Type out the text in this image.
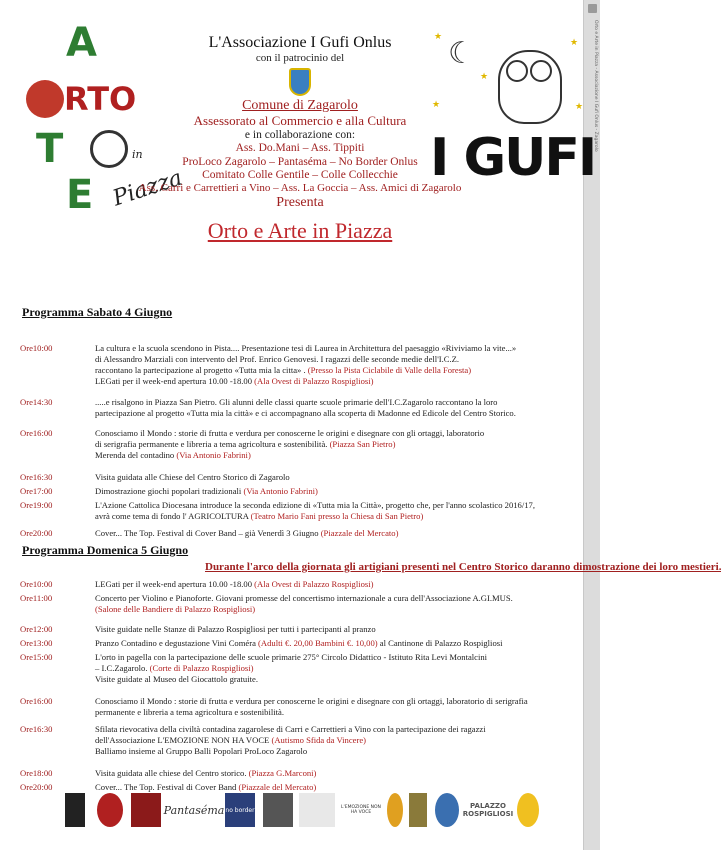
Orto e Arte in Piazza - Associazione I Gufi Onlus - Zagarolo
A
RTO
T	in
E Piazza
L'Associazione I Gufi Onlus
con il patrocinio del
Comune di Zagarolo
Assessorato al Commercio e alla Cultura
e in collaborazione con:
Ass. Do.Mani – Ass. Tippiti
ProLoco Zagarolo – Pantaséma – No Border Onlus
Comitato Colle Gentile – Colle Collecchie
Ass. Carri e Carrettieri a Vino – Ass. La Goccia – Ass. Amici di Zagarolo
Presenta
Orto e Arte in Piazza
☾
★
★
★
★
★
I GUFI
Programma Sabato 4 Giugno
Ore10:00	La cultura e la scuola scendono in Pista.... Presentazione tesi di Laurea in Architettura del paesaggio «Riviviamo la vite...»
di Alessandro Marziali con intervento del Prof. Enrico Genovesi. I ragazzi delle seconde medie dell'I.C.Z.
raccontano la partecipazione al progetto «Tutta mia la citta» . (Presso la Pista Ciclabile di Valle della Foresta)
LEGati per il week-end apertura 10.00 -18.00 (Ala Ovest di Palazzo Rospigliosi)
Ore14:30	.....e risalgono in Piazza San Pietro. Gli alunni delle classi quarte scuole primarie dell'I.C.Zagarolo raccontano la loro
partecipazione al progetto «Tutta mia la città» e ci accompagnano alla scoperta di Madonne ed Edicole del Centro Storico.
Ore16:00	Conosciamo il Mondo : storie di frutta e verdura per conoscerne le origini e disegnare con gli ortaggi, laboratorio
di serigrafia permanente e libreria a tema agricoltura e sostenibilità. (Piazza San Pietro)
Merenda del contadino (Via Antonio Fabrini)
Ore16:30	Visita guidata alle Chiese del Centro Storico di Zagarolo
Ore17:00	Dimostrazione giochi popolari tradizionali (Via Antonio Fabrini)
Ore19:00	L'Azione Cattolica Diocesana introduce la seconda edizione di «Tutta mia la Città», progetto che, per l'anno scolastico 2016/17,
avrà come tema di fondo l' AGRICOLTURA (Teatro Mario Fani presso la Chiesa di San Pietro)
Ore20:00	Cover... The Top. Festival di Cover Band – già Venerdì 3 Giugno (Piazzale del Mercato)
Programma Domenica 5 Giugno
Durante l'arco della giornata gli artigiani presenti nel Centro Storico daranno dimostrazione dei loro mestieri.
Ore10:00	LEGati per il week-end apertura 10.00 -18.00 (Ala Ovest di Palazzo Rospigliosi)
Ore11:00	Concerto per Violino e Pianoforte. Giovani promesse del concertismo internazionale a cura dell'Associazione A.GI.MUS.
(Salone delle Bandiere di Palazzo Rospigliosi)
Ore12:00	Visite guidate nelle Stanze di Palazzo Rospigliosi per tutti i partecipanti al pranzo
Ore13:00	Pranzo Contadino e degustazione Vini Coméra (Adulti €. 20,00 Bambini €. 10,00) al Cantinone di Palazzo Rospigliosi
Ore15:00	L'orto in pagella con la partecipazione delle scuole primarie 275° Circolo Didattico - Istituto Rita Levi Montalcini
– I.C.Zagarolo. (Corte di Palazzo Rospigliosi)
Visite guidate al Museo del Giocattolo gratuite.
Ore16:00	Conosciamo il Mondo : storie di frutta e verdura per conoscerne le origini e disegnare con gli ortaggi, laboratorio di serigrafia
permanente e libreria a tema agricoltura e sostenibilità.
Ore16:30	Sfilata rievocativa della civiltà contadina zagarolese di Carri e Carrettieri a Vino con la partecipazione dei ragazzi
dell'Associazione L'EMOZIONE NON HA VOCE (Autismo Sfida da Vincere)
Balliamo insieme al Gruppo Balli Popolari ProLoco Zagarolo
Ore18:00	Visita guidata alle chiese del Centro storico. (Piazza G.Marconi)
Ore20:00	Cover... The Top. Festival di Cover Band (Piazzale del Mercato)
Pantaséma no border	L'EMOZIONE NON HA VOCE
PALAZZO ROSPIGLIOSI
